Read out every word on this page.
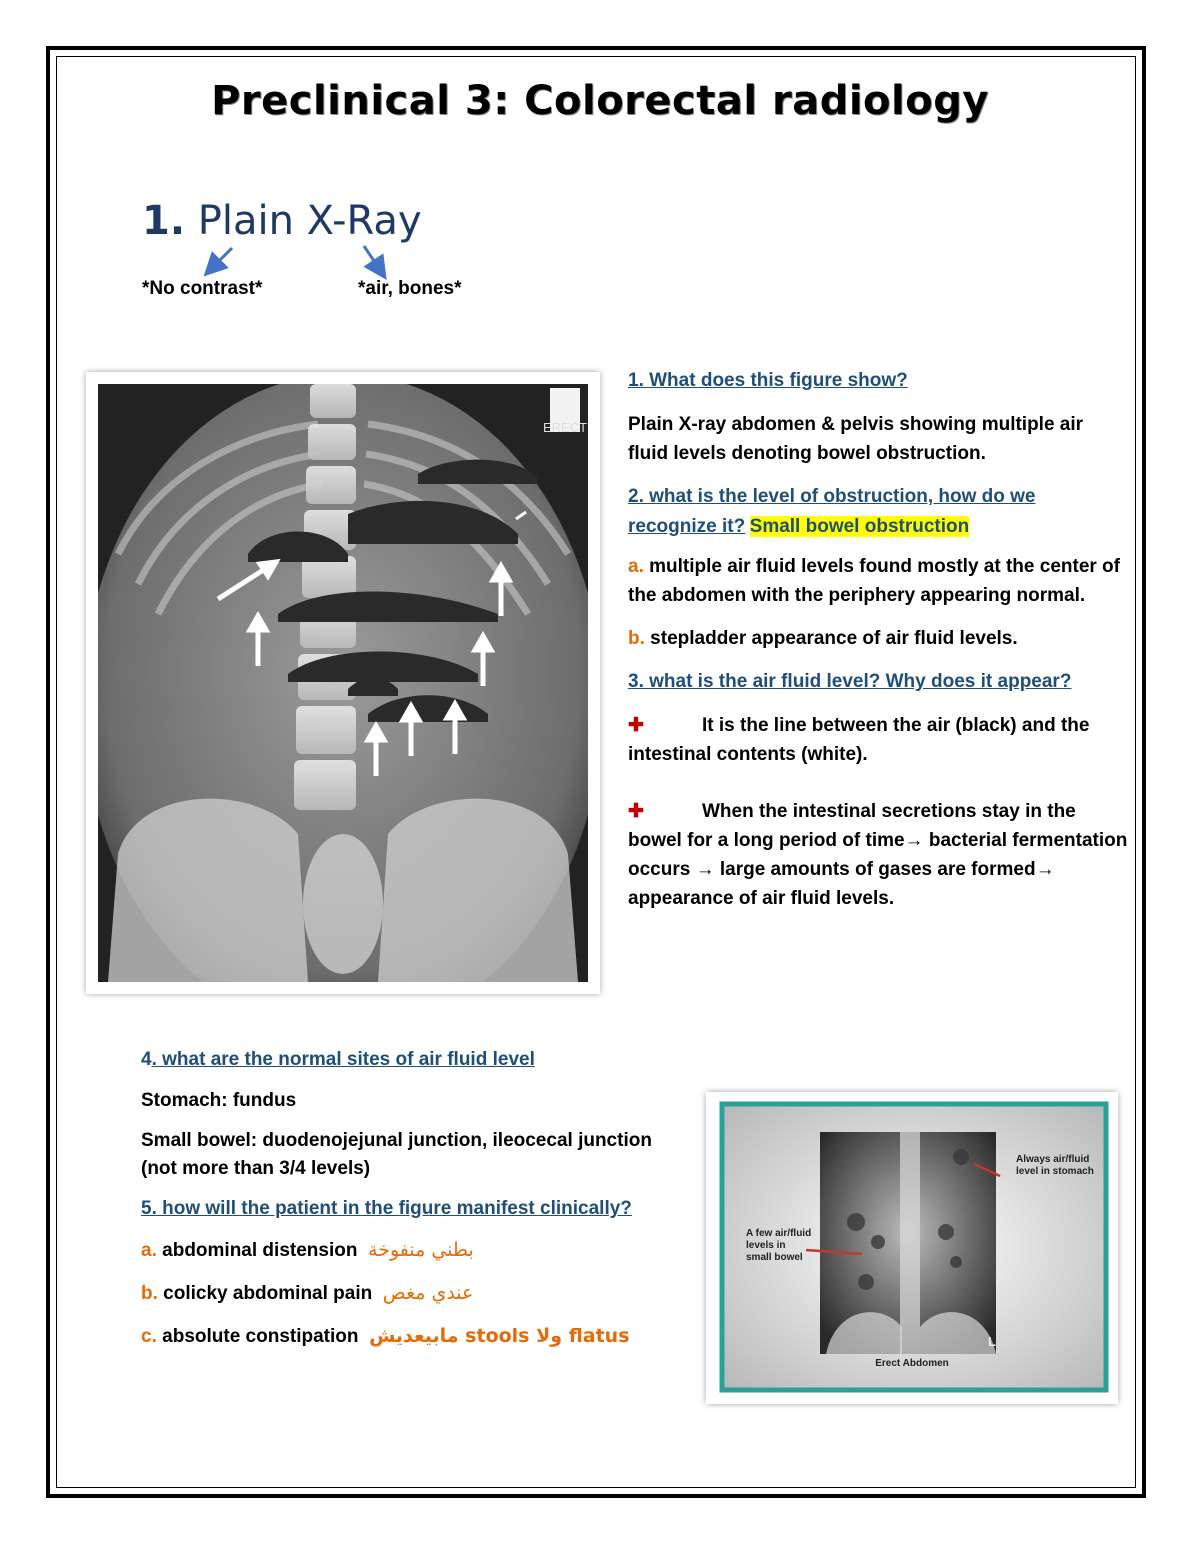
Preclinical 3: Colorectal radiology
1. Plain X-Ray
*No contrast*	*air, bones*
ERECT
1. What does this figure show?

Plain X-ray abdomen & pelvis showing multiple air fluid levels denoting bowel obstruction.

2. what is the level of obstruction, how do we recognize it? Small bowel obstruction

a. multiple air fluid levels found mostly at the center of the abdomen with the periphery appearing normal.

b. stepladder appearance of air fluid levels.

3. what is the air fluid level? Why does it appear?

✚	It is the line between the air (black) and the intestinal contents (white).

✚	When the intestinal secretions stay in the bowel for a long period of time→ bacterial fermentation occurs → large amounts of gases are formed→ appearance of air fluid levels.

4. what are the normal sites of air fluid level

Stomach: fundus

Small bowel: duodenojejunal junction, ileocecal junction (not more than 3/4 levels)

5. how will the patient in the figure manifest clinically?

a. abdominal distension بطني منفوخة

b. colicky abdominal pain عندي مغص

c. absolute constipation flatus ولا stools مابيعديش	L
Always air/fluid level in stomach
A few air/fluid levels in small bowel
Erect Abdomen
